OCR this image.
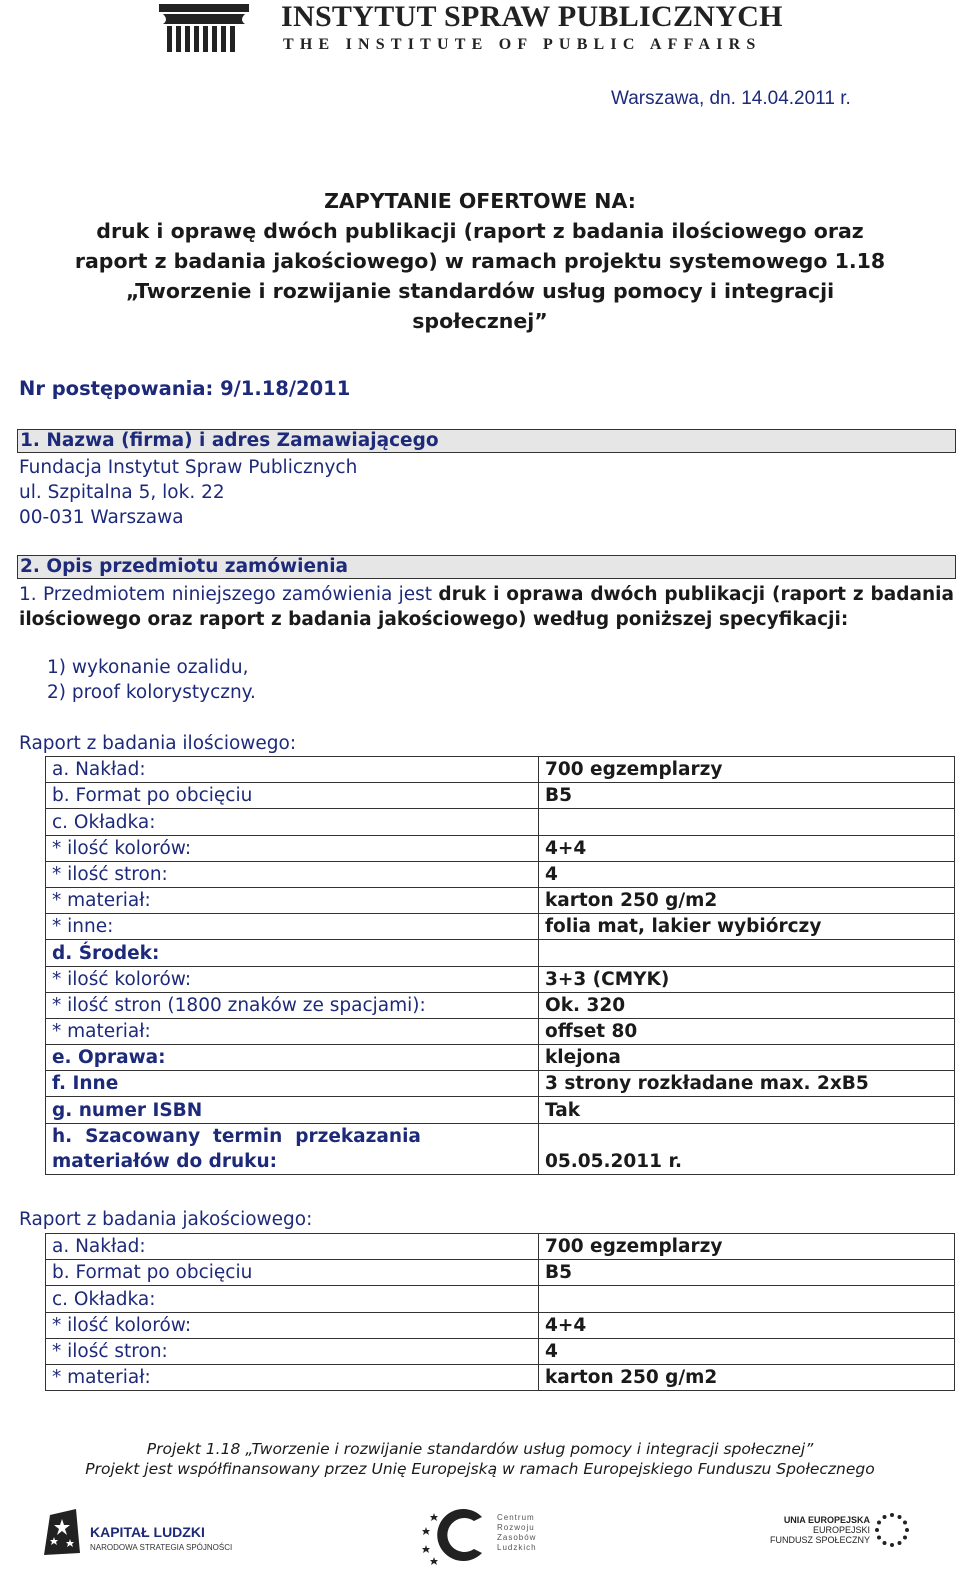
INSTYTUT SPRAW PUBLICZNYCH
THE INSTITUTE OF PUBLIC AFFAIRS
Warszawa, dn. 14.04.2011 r.
ZAPYTANIE OFERTOWE NA:
druk i oprawę dwóch publikacji (raport z badania ilościowego oraz
raport z badania jakościowego) w ramach projektu systemowego 1.18
„Tworzenie i rozwijanie standardów usług pomocy i integracji
społecznej”
Nr postępowania: 9/1.18/2011
1. Nazwa (firma) i adres Zamawiającego
Fundacja Instytut Spraw Publicznych
ul. Szpitalna 5, lok. 22
00-031 Warszawa
2. Opis przedmiotu zamówienia
1. Przedmiotem niniejszego zamówienia jest druk i oprawa dwóch publikacji (raport z badania ilościowego oraz raport z badania jakościowego) według poniższej specyfikacji:
1) wykonanie ozalidu,
2) proof kolorystyczny.
Raport z badania ilościowego:
a. Nakład:	700 egzemplarzy
b. Format po obcięciu	B5
c. Okładka:	
* ilość kolorów:	4+4
* ilość stron:	4
* materiał:	karton 250 g/m2
* inne:	folia mat, lakier wybiórczy
d. Środek:	
* ilość kolorów:	3+3 (CMYK)
* ilość stron (1800 znaków ze spacjami):	Ok. 320
* materiał:	offset 80
e. Oprawa:	klejona
f. Inne	3 strony rozkładane max. 2xB5
g. numer ISBN	Tak

h.  Szacowany  termin  przekazania
materiałów do druku:	05.05.2011 r.
Raport z badania jakościowego:
a. Nakład:	700 egzemplarzy
b. Format po obcięciu	B5
c. Okładka:	
* ilość kolorów:	4+4
* ilość stron:	4
* materiał:	karton 250 g/m2
Projekt 1.18 „Tworzenie i rozwijanie standardów usług pomocy i integracji społecznej”
Projekt jest współfinansowany przez Unię Europejską w ramach Europejskiego Funduszu Społecznego
KAPITAŁ LUDZKI
NARODOWA STRATEGIA SPÓJNOŚCI
Centrum
Rozwoju
Zasobów
Ludzkich
UNIA EUROPEJSKA
EUROPEJSKI
FUNDUSZ SPOŁECZNY
